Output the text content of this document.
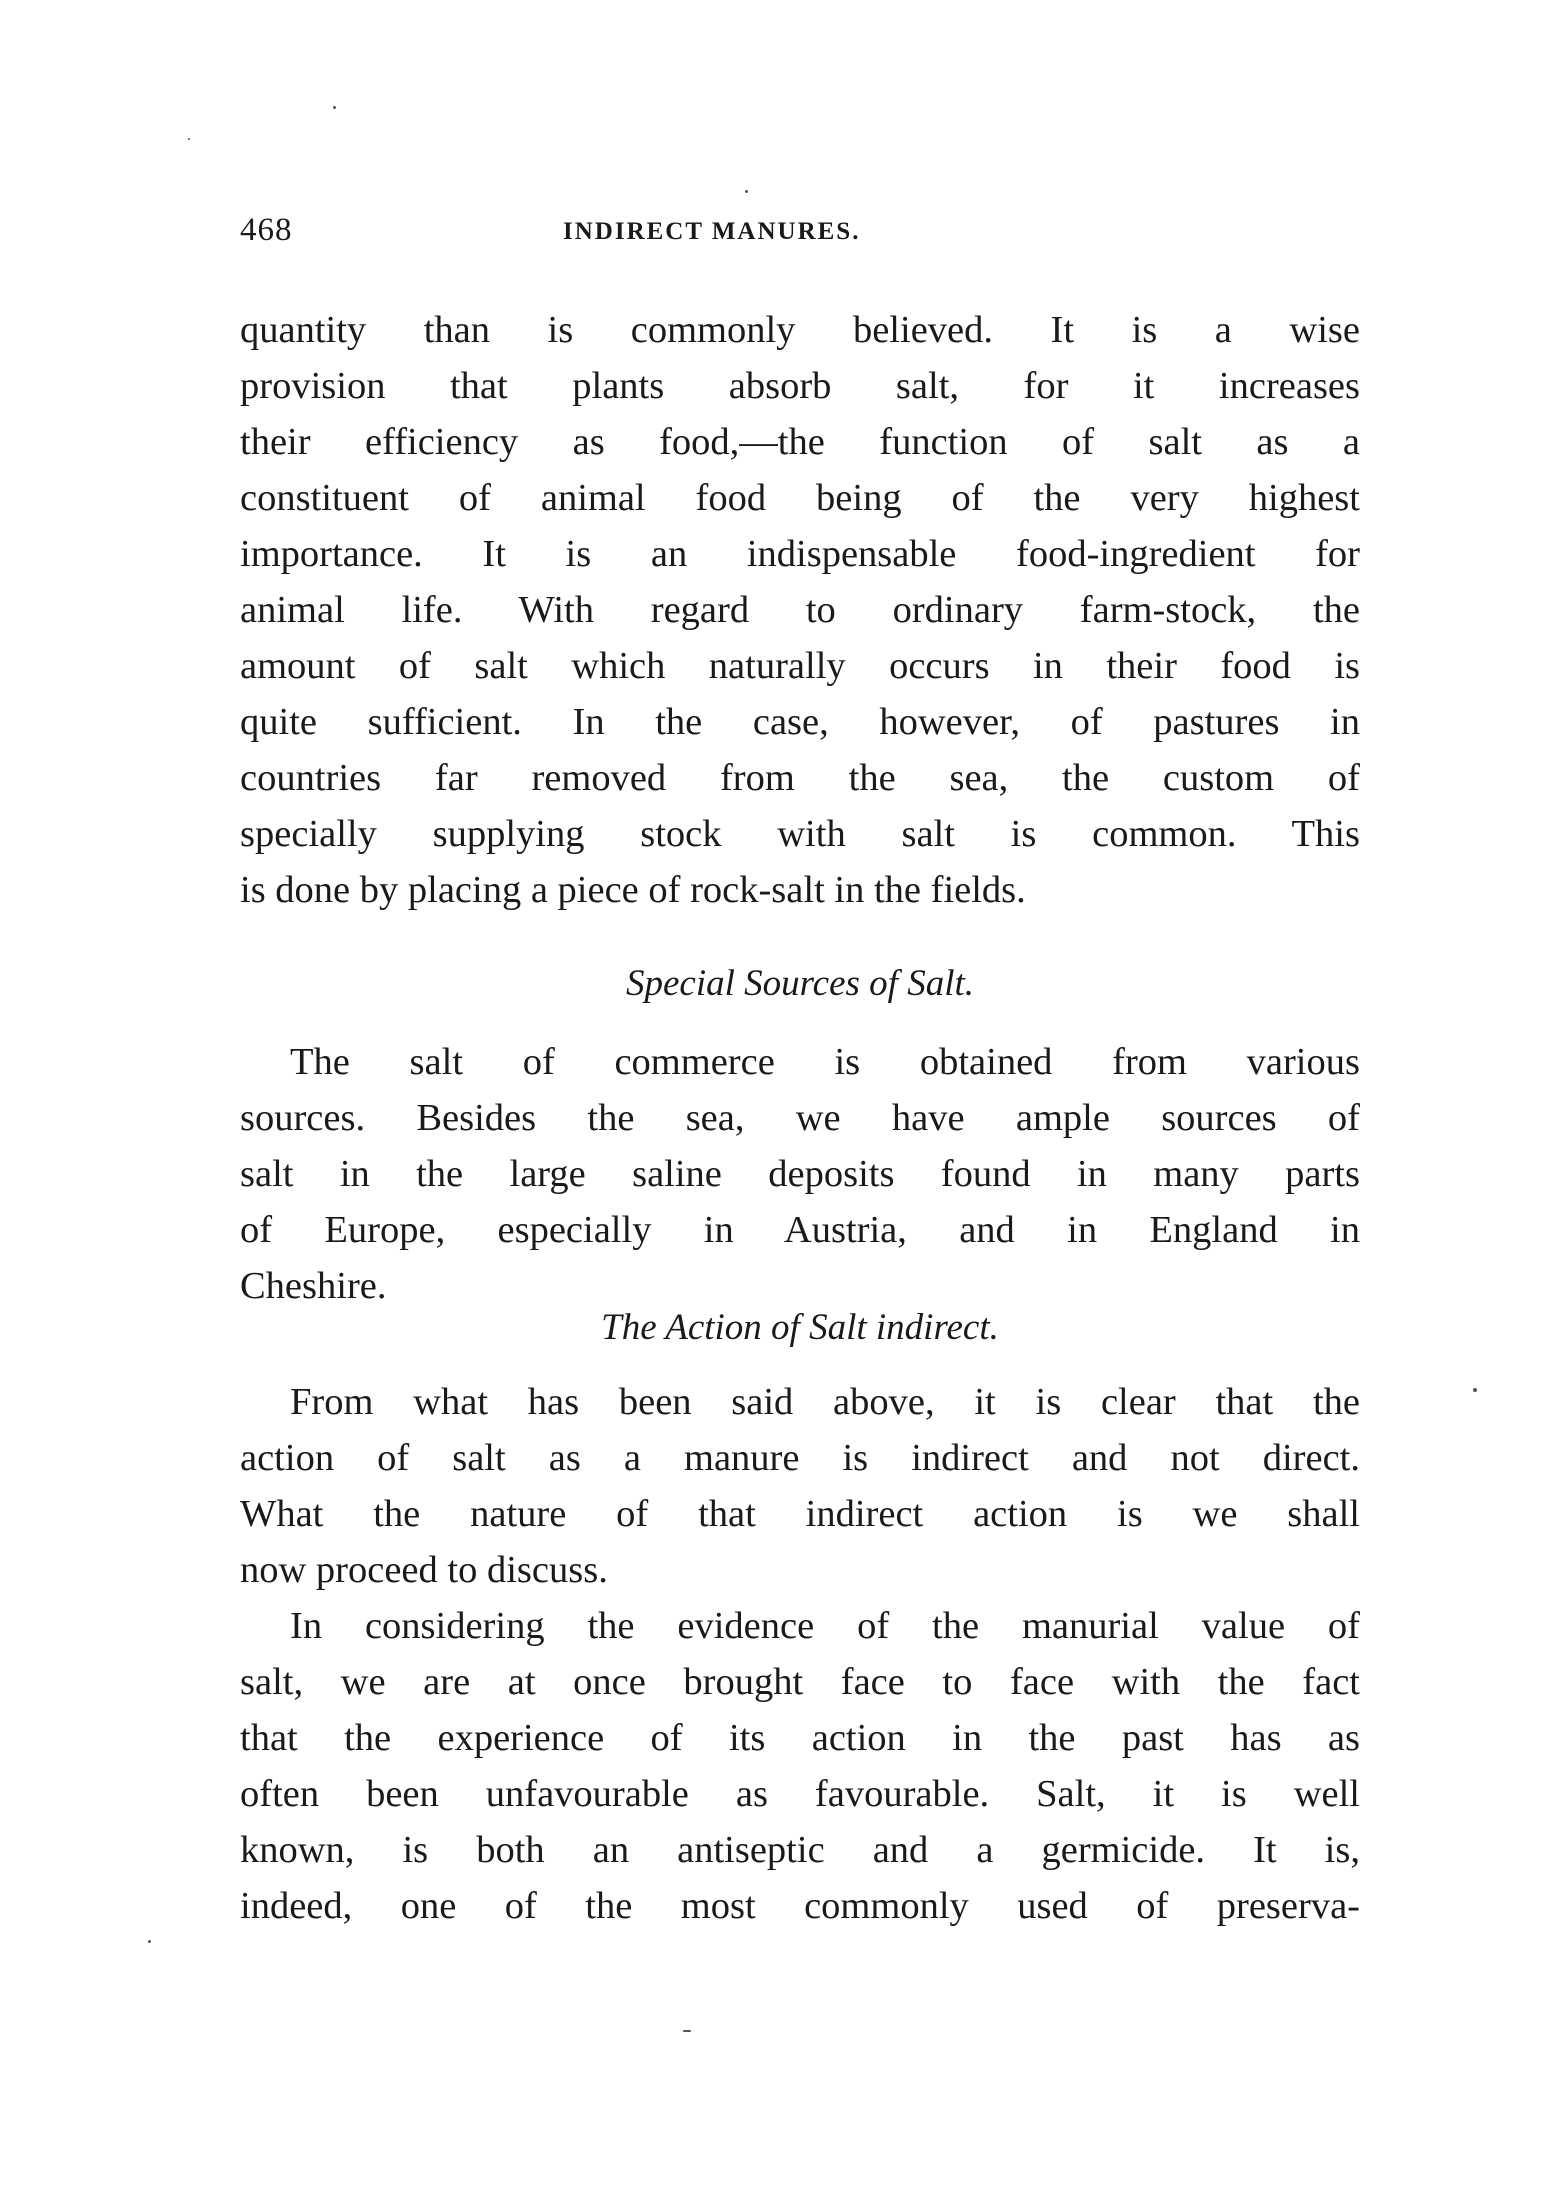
468	INDIRECT MANURES.
quantity than is commonly believed. It is a wise
provision that plants absorb salt, for it increases
their efficiency as food,—the function of salt as a
constituent of animal food being of the very highest
importance. It is an indispensable food-ingredient for
animal life. With regard to ordinary farm-stock, the
amount of salt which naturally occurs in their food is
quite sufficient. In the case, however, of pastures in
countries far removed from the sea, the custom of
specially supplying stock with salt is common. This
is done by placing a piece of rock-salt in the fields.
Special Sources of Salt.
The salt of commerce is obtained from various
sources. Besides the sea, we have ample sources of
salt in the large saline deposits found in many parts
of Europe, especially in Austria, and in England in
Cheshire.
The Action of Salt indirect.
From what has been said above, it is clear that the
action of salt as a manure is indirect and not direct.
What the nature of that indirect action is we shall
now proceed to discuss.
In considering the evidence of the manurial value of
salt, we are at once brought face to face with the fact
that the experience of its action in the past has as
often been unfavourable as favourable. Salt, it is well
known, is both an antiseptic and a germicide. It is,
indeed, one of the most commonly used of preserva-
